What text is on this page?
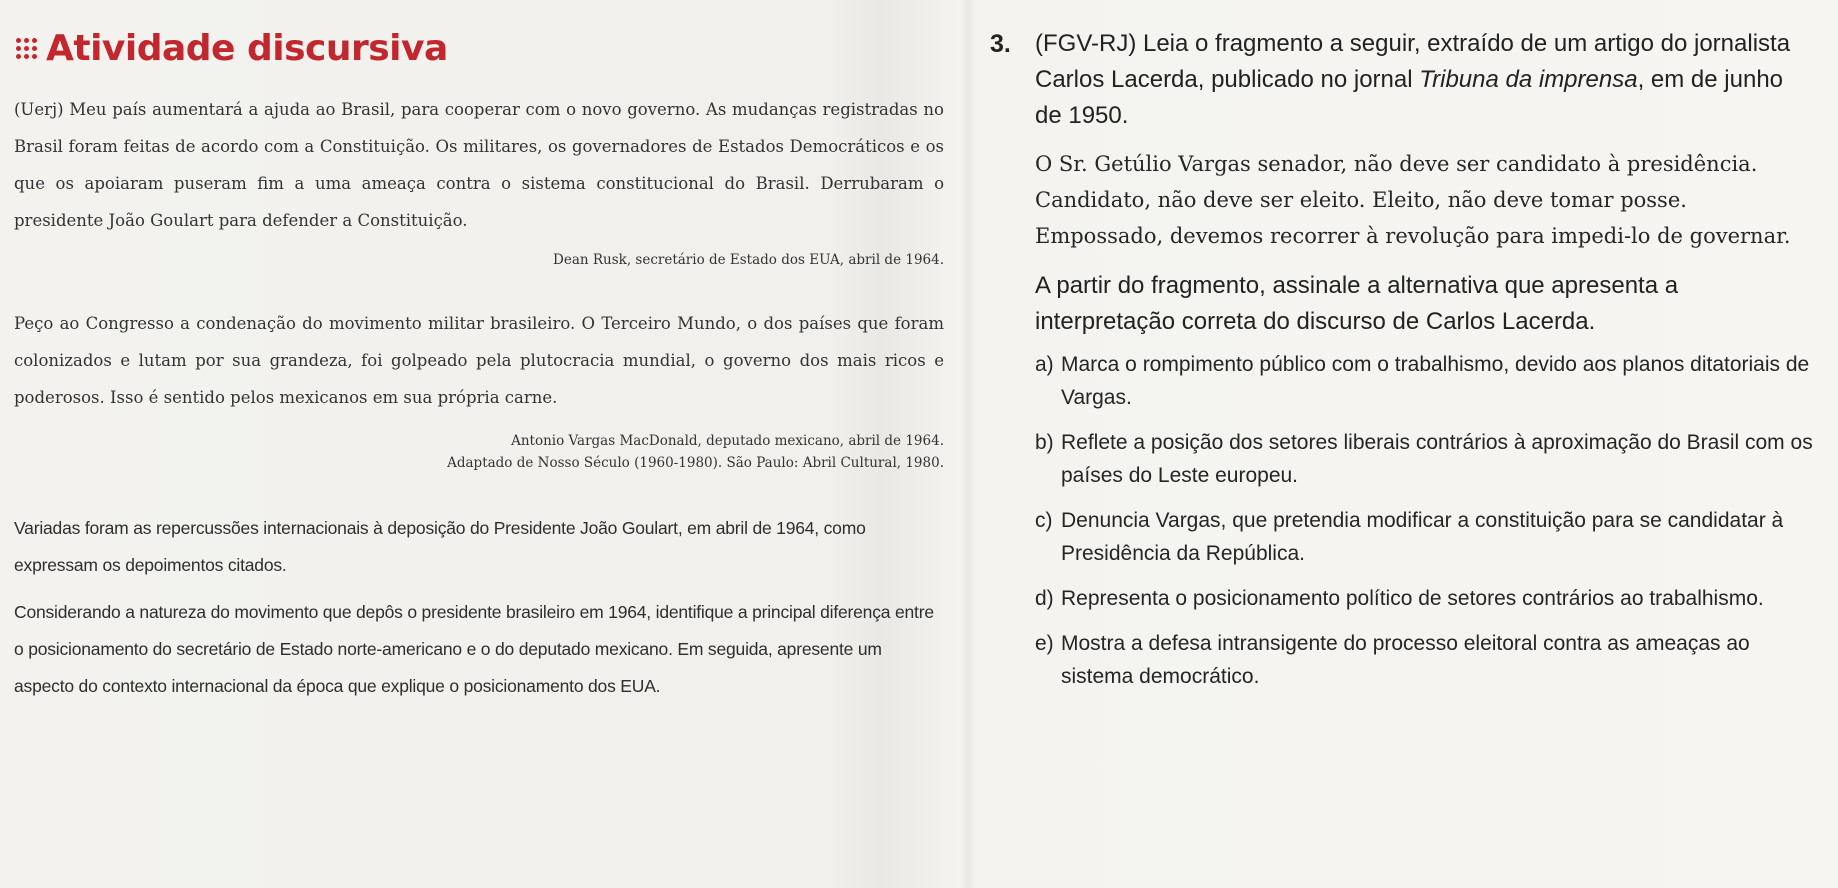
Atividade discursiva

(Uerj) Meu país aumentará a ajuda ao Brasil, para cooperar com o novo governo. As mudanças registradas no Brasil foram feitas de acordo com a Constituição. Os militares, os governadores de Estados Democráticos e os que os apoiaram puseram fim a uma ameaça contra o sistema constitucional do Brasil. Derrubaram o presidente João Goulart para defender a Constituição.

Dean Rusk, secretário de Estado dos EUA, abril de 1964.

Peço ao Congresso a condenação do movimento militar brasileiro. O Terceiro Mundo, o dos países que foram colonizados e lutam por sua grandeza, foi golpeado pela plutocracia mundial, o governo dos mais ricos e poderosos. Isso é sentido pelos mexicanos em sua própria carne.

Antonio Vargas MacDonald, deputado mexicano, abril de 1964.
Adaptado de Nosso Século (1960-1980). São Paulo: Abril Cultural, 1980.

Variadas foram as repercussões internacionais à deposição do Presidente João Goulart, em abril de 1964, como expressam os depoimentos citados.

Considerando a natureza do movimento que depôs o presidente brasileiro em 1964, identifique a principal diferença entre o posicionamento do secretário de Estado norte-americano e o do deputado mexicano. Em seguida, apresente um aspecto do contexto internacional da época que explique o posicionamento dos EUA.

3.	(FGV-RJ) Leia o fragmento a seguir, extraído de um artigo do jornalista Carlos Lacerda, publicado no jornal Tribuna da imprensa, em de junho de 1950.

O Sr. Getúlio Vargas senador, não deve ser candidato à presidência. Candidato, não deve ser eleito. Eleito, não deve tomar posse. Empossado, devemos recorrer à revolução para impedi-lo de governar.

A partir do fragmento, assinale a alternativa que apresenta a interpretação correta do discurso de Carlos Lacerda.

a) Marca o rompimento público com o trabalhismo, devido aos planos ditatoriais de Vargas.
b) Reflete a posição dos setores liberais contrários à aproximação do Brasil com os países do Leste europeu.
c) Denuncia Vargas, que pretendia modificar a constituição para se candidatar à Presidência da República.
d) Representa o posicionamento político de setores contrários ao trabalhismo.
e) Mostra a defesa intransigente do processo eleitoral contra as ameaças ao sistema democrático.
